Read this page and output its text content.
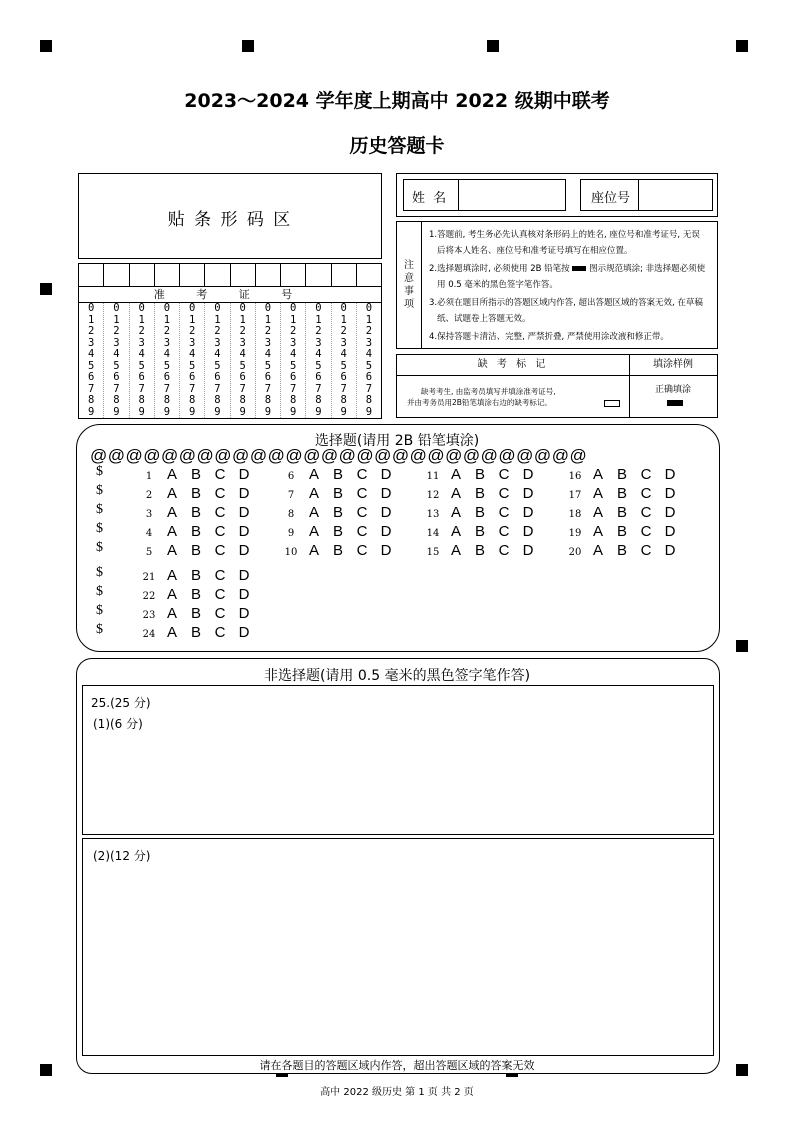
2023～2024 学年度上期高中 2022 级期中联考
历史答题卡
贴 条 形 码 区
准 考 证 号
0
1
2
3
4
5
6
7
8
9
0
1
2
3
4
5
6
7
8
9
0
1
2
3
4
5
6
7
8
9
0
1
2
3
4
5
6
7
8
9
0
1
2
3
4
5
6
7
8
9
0
1
2
3
4
5
6
7
8
9
0
1
2
3
4
5
6
7
8
9
0
1
2
3
4
5
6
7
8
9
0
1
2
3
4
5
6
7
8
9
0
1
2
3
4
5
6
7
8
9
0
1
2
3
4
5
6
7
8
9
0
1
2
3
4
5
6
7
8
9
姓 名	座位号
注意事项
1.答题前, 考生务必先认真核对条形码上的姓名, 座位号和准考证号, 无误
后将本人姓名、座位号和准考证号填写在相应位置。
2.选择题填涂时, 必须使用 2B 铅笔按 图示规范填涂; 非选择题必须使
用 0.5 毫米的黑色签字笔作答。
3.必须在题目所指示的答题区域内作答, 超出答题区域的答案无效, 在草稿
纸、试题卷上答题无效。
4.保持答题卡清洁、完整, 严禁折叠, 严禁使用涂改液和修正带。
缺 考 标 记	填涂样例
缺考考生, 由监考员填写并填涂准考证号,
并由考务员用2B铅笔填涂右边的缺考标记。
正确填涂
选择题(请用 2B 铅笔填涂)
@@@@@@@@@@@@@@@@@@@@@@@@@@@@
$
$
$
$
$
$
$
$
$
1 A B C D
2 A B C D
3 A B C D
4 A B C D
5 A B C D
6 A B C D
7 A B C D
8 A B C D
9 A B C D
10 A B C D
11 A B C D
12 A B C D
13 A B C D
14 A B C D
15 A B C D
16 A B C D
17 A B C D
18 A B C D
19 A B C D
20 A B C D
21 A B C D
22 A B C D
23 A B C D
24 A B C D
非选择题(请用 0.5 毫米的黑色签字笔作答)
25.(25 分)
(1)(6 分)
(2)(12 分)
请在各题目的答题区域内作答，超出答题区域的答案无效
高中 2022 级历史 第 1 页 共 2 页
